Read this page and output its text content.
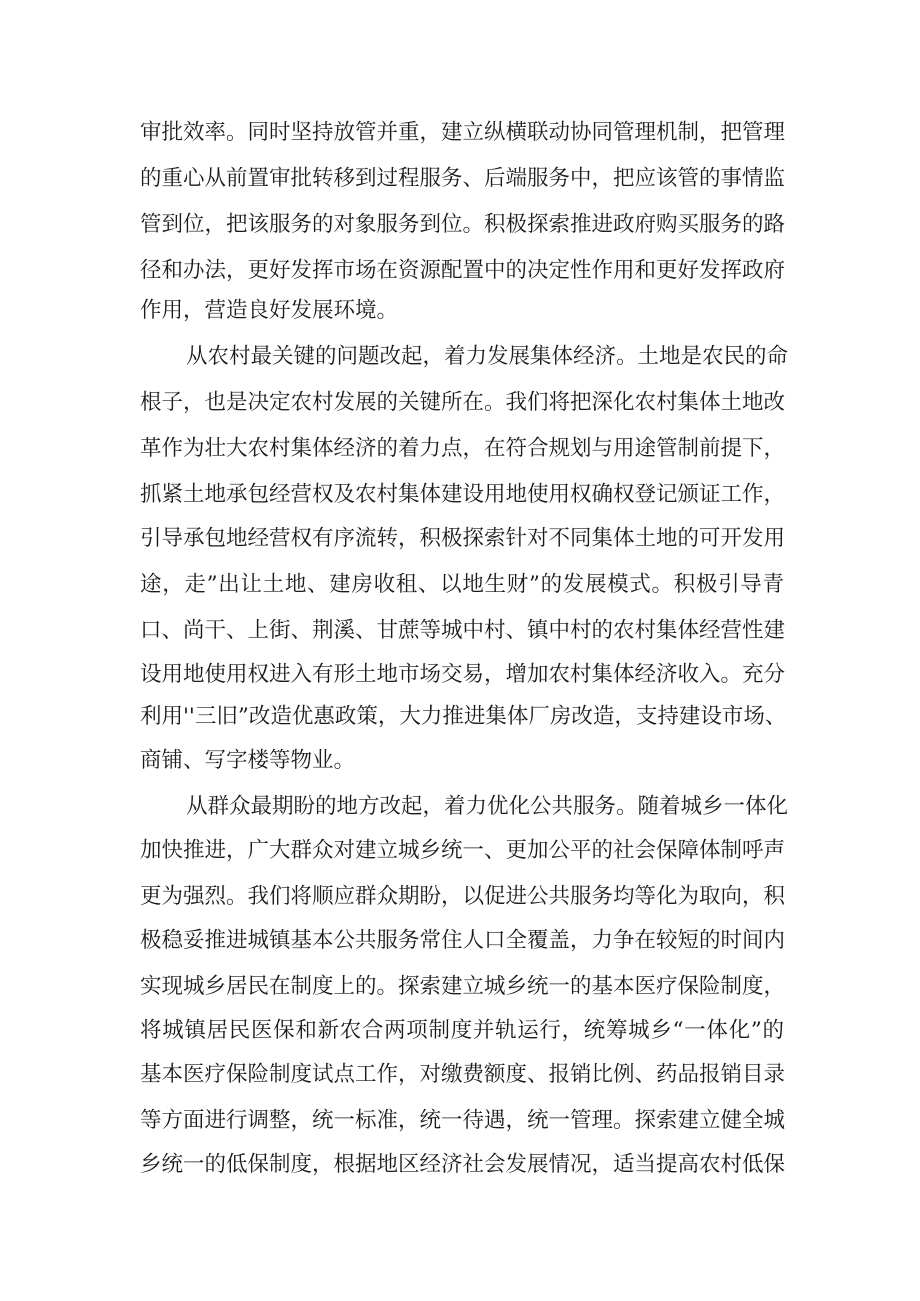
审批效率。同时坚持放管并重，建立纵横联动协同管理机制，把管理
的重心从前置审批转移到过程服务、后端服务中，把应该管的事情监
管到位，把该服务的对象服务到位。积极探索推进政府购买服务的路
径和办法，更好发挥市场在资源配置中的决定性作用和更好发挥政府
作用，营造良好发展环境。
从农村最关键的问题改起，着力发展集体经济。土地是农民的命
根子，也是决定农村发展的关键所在。我们将把深化农村集体土地改
革作为壮大农村集体经济的着力点，在符合规划与用途管制前提下，
抓紧土地承包经营权及农村集体建设用地使用权确权登记颁证工作，
引导承包地经营权有序流转，积极探索针对不同集体土地的可开发用
途，走”出让土地、建房收租、以地生财”的发展模式。积极引导青
口、尚干、上街、荆溪、甘蔗等城中村、镇中村的农村集体经营性建
设用地使用权进入有形土地市场交易，增加农村集体经济收入。充分
利用''三旧”改造优惠政策，大力推进集体厂房改造，支持建设市场、
商铺、写字楼等物业。
从群众最期盼的地方改起，着力优化公共服务。随着城乡一体化
加快推进，广大群众对建立城乡统一、更加公平的社会保障体制呼声
更为强烈。我们将顺应群众期盼，以促进公共服务均等化为取向，积
极稳妥推进城镇基本公共服务常住人口全覆盖，力争在较短的时间内
实现城乡居民在制度上的。探索建立城乡统一的基本医疗保险制度，
将城镇居民医保和新农合两项制度并轨运行，统筹城乡“一体化”的
基本医疗保险制度试点工作，对缴费额度、报销比例、药品报销目录
等方面进行调整，统一标准，统一待遇，统一管理。探索建立健全城
乡统一的低保制度，根据地区经济社会发展情况，适当提高农村低保
